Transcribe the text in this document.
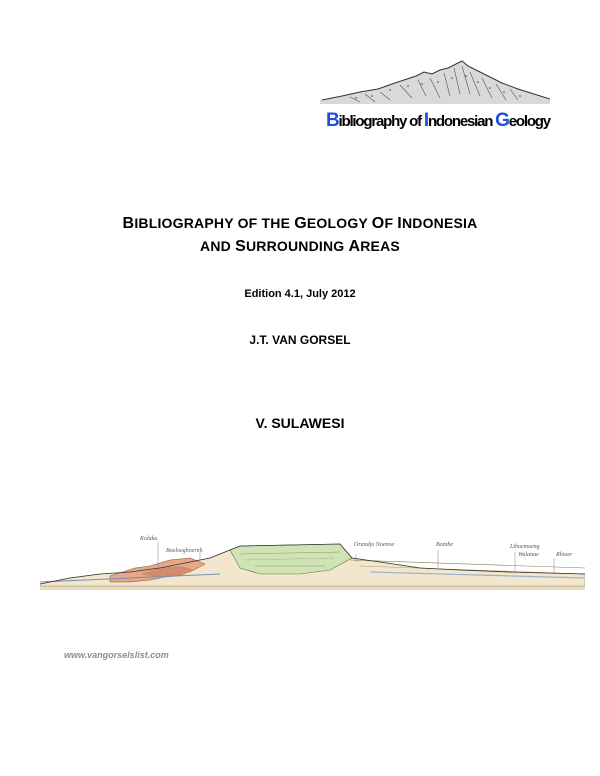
Bibliography of Indonesian Geology
BIBLIOGRAPHY OF THE GEOLOGY OF INDONESIA
AND SURROUNDING AREAS
Edition 4.1, July 2012
J.T. VAN GORSEL
V. SULAWESI
Kolaka
Boeloeghoernh
Orandjo Noenoe	Bonthe	Lihoemoeng
Walanae	Rhioer
www.vangorselslist.com
